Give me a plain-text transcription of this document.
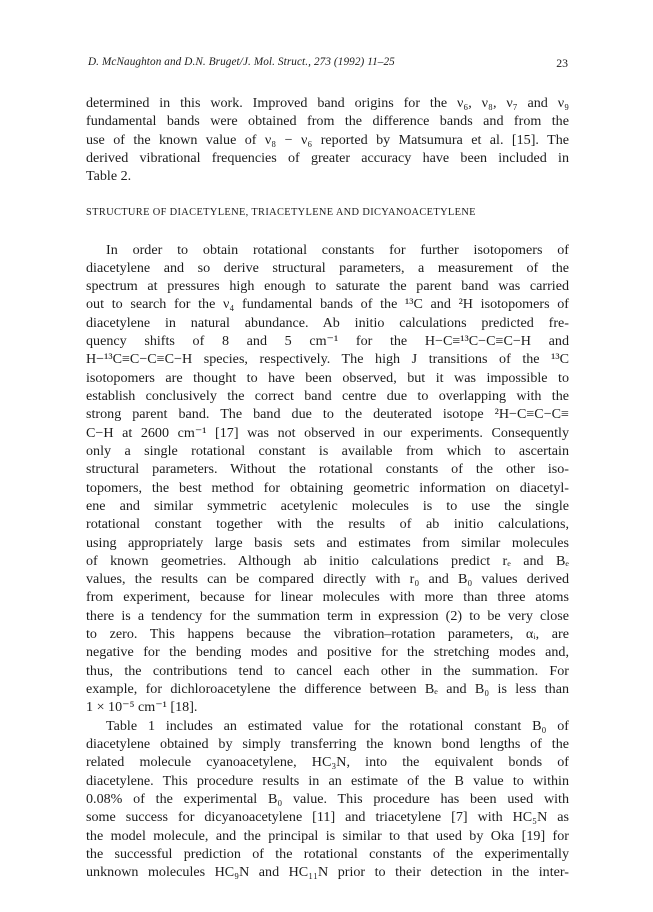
D. McNaughton and D.N. Bruget/J. Mol. Struct., 273 (1992) 11–25	23
determined in this work. Improved band origins for the ν₆, ν₈, ν₇ and ν₉
fundamental bands were obtained from the difference bands and from the
use of the known value of ν₈ − ν₆ reported by Matsumura et al. [15]. The
derived vibrational frequencies of greater accuracy have been included in
Table 2.
STRUCTURE OF DIACETYLENE, TRIACETYLENE AND DICYANOACETYLENE
In order to obtain rotational constants for further isotopomers of
diacetylene and so derive structural parameters, a measurement of the
spectrum at pressures high enough to saturate the parent band was carried
out to search for the ν₄ fundamental bands of the ¹³C and ²H isotopomers of
diacetylene in natural abundance. Ab initio calculations predicted fre-
quency shifts of 8 and 5 cm⁻¹ for the H−C≡¹³C−C≡C−H and
H−¹³C≡C−C≡C−H species, respectively. The high J transitions of the ¹³C
isotopomers are thought to have been observed, but it was impossible to
establish conclusively the correct band centre due to overlapping with the
strong parent band. The band due to the deuterated isotope ²H−C≡C−C≡
C−H at 2600 cm⁻¹ [17] was not observed in our experiments. Consequently
only a single rotational constant is available from which to ascertain
structural parameters. Without the rotational constants of the other iso-
topomers, the best method for obtaining geometric information on diacetyl-
ene and similar symmetric acetylenic molecules is to use the single
rotational constant together with the results of ab initio calculations,
using appropriately large basis sets and estimates from similar molecules
of known geometries. Although ab initio calculations predict rₑ and Bₑ
values, the results can be compared directly with r₀ and B₀ values derived
from experiment, because for linear molecules with more than three atoms
there is a tendency for the summation term in expression (2) to be very close
to zero. This happens because the vibration–rotation parameters, αᵢ, are
negative for the bending modes and positive for the stretching modes and,
thus, the contributions tend to cancel each other in the summation. For
example, for dichloroacetylene the difference between Bₑ and B₀ is less than
1 × 10⁻⁵ cm⁻¹ [18].
Table 1 includes an estimated value for the rotational constant B₀ of
diacetylene obtained by simply transferring the known bond lengths of the
related molecule cyanoacetylene, HC₃N, into the equivalent bonds of
diacetylene. This procedure results in an estimate of the B value to within
0.08% of the experimental B₀ value. This procedure has been used with
some success for dicyanoacetylene [11] and triacetylene [7] with HC₅N as
the model molecule, and the principal is similar to that used by Oka [19] for
the successful prediction of the rotational constants of the experimentally
unknown molecules HC₉N and HC₁₁N prior to their detection in the inter-
